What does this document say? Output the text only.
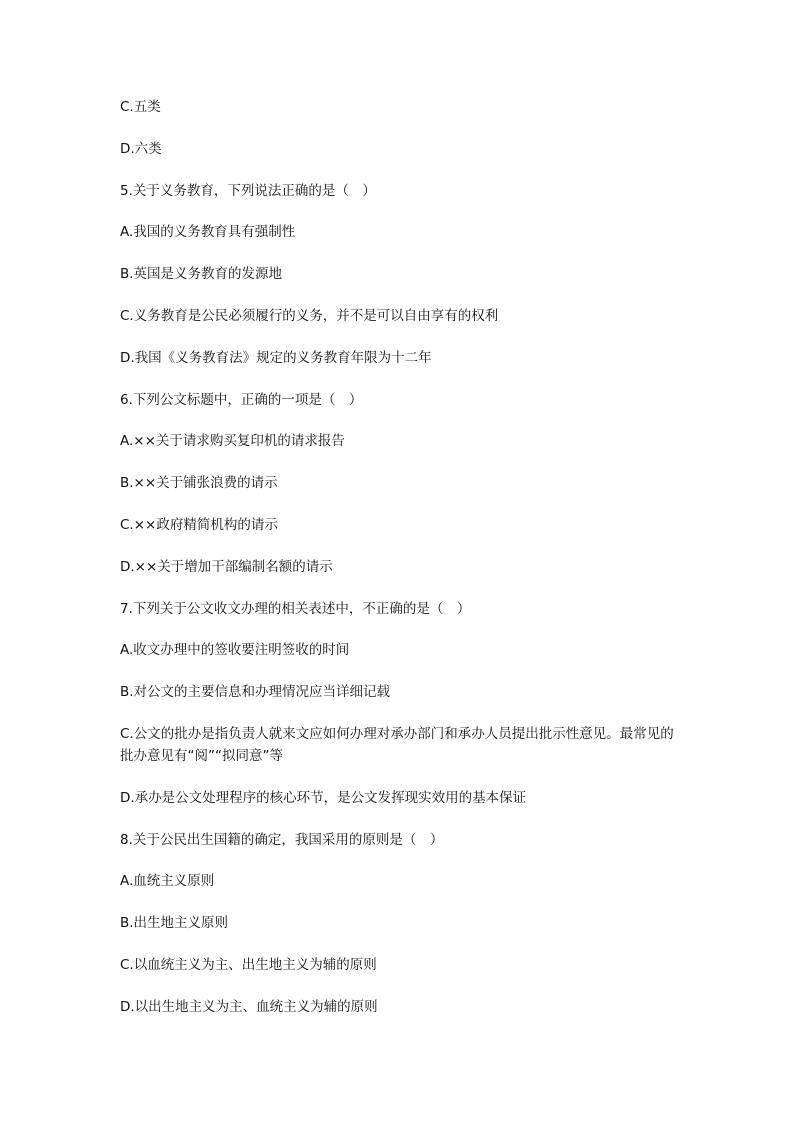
C.五类
D.六类
5.关于义务教育，下列说法正确的是（　）
A.我国的义务教育具有强制性
B.英国是义务教育的发源地
C.义务教育是公民必须履行的义务，并不是可以自由享有的权利
D.我国《义务教育法》规定的义务教育年限为十二年
6.下列公文标题中，正确的一项是（　）
A.××关于请求购买复印机的请求报告
B.××关于铺张浪费的请示
C.××政府精简机构的请示
D.××关于增加干部编制名额的请示
7.下列关于公文收文办理的相关表述中，不正确的是（　）
A.收文办理中的签收要注明签收的时间
B.对公文的主要信息和办理情况应当详细记载
C.公文的批办是指负责人就来文应如何办理对承办部门和承办人员提出批示性意见。最常见的批办意见有“阅”“拟同意”等
D.承办是公文处理程序的核心环节，是公文发挥现实效用的基本保证
8.关于公民出生国籍的确定，我国采用的原则是（　）
A.血统主义原则
B.出生地主义原则
C.以血统主义为主、出生地主义为辅的原则
D.以出生地主义为主、血统主义为辅的原则
